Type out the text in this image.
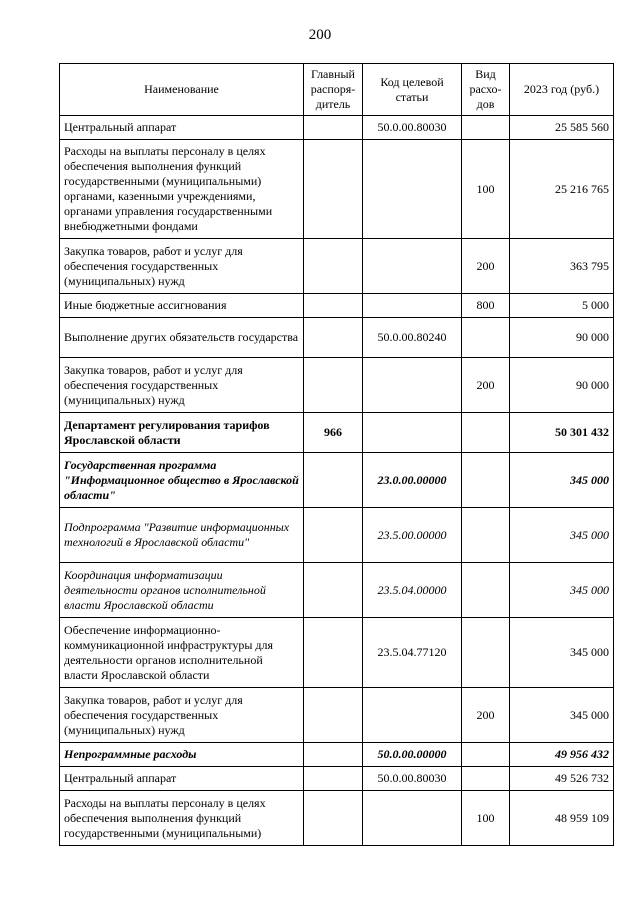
200
Наименование	Главный распоря-дитель	Код целевой статьи	Вид расхо-дов	2023 год (руб.)
Центральный аппарат		50.0.00.80030		25 585 560
Расходы на выплаты персоналу в целях обеспечения выполнения функций государственными (муниципальными) органами, казенными учреждениями, органами управления государственными внебюджетными фондами			100	25 216 765
Закупка товаров, работ и услуг для обеспечения государственных (муниципальных) нужд			200	363 795
Иные бюджетные ассигнования			800	5 000
Выполнение других обязательств государства		50.0.00.80240		90 000
Закупка товаров, работ и услуг для обеспечения государственных (муниципальных) нужд			200	90 000
Департамент регулирования тарифов Ярославской области	966			50 301 432
Государственная программа "Информационное общество в Ярославской области"		23.0.00.00000		345 000
Подпрограмма "Развитие информационных технологий в Ярославской области"		23.5.00.00000		345 000
Координация информатизации деятельности органов исполнительной власти Ярославской области		23.5.04.00000		345 000
Обеспечение информационно-коммуникационной инфраструктуры для деятельности органов исполнительной власти Ярославской области		23.5.04.77120		345 000
Закупка товаров, работ и услуг для обеспечения государственных (муниципальных) нужд			200	345 000
Непрограммные расходы		50.0.00.00000		49 956 432
Центральный аппарат		50.0.00.80030		49 526 732
Расходы на выплаты персоналу в целях обеспечения выполнения функций государственными (муниципальными)			100	48 959 109
